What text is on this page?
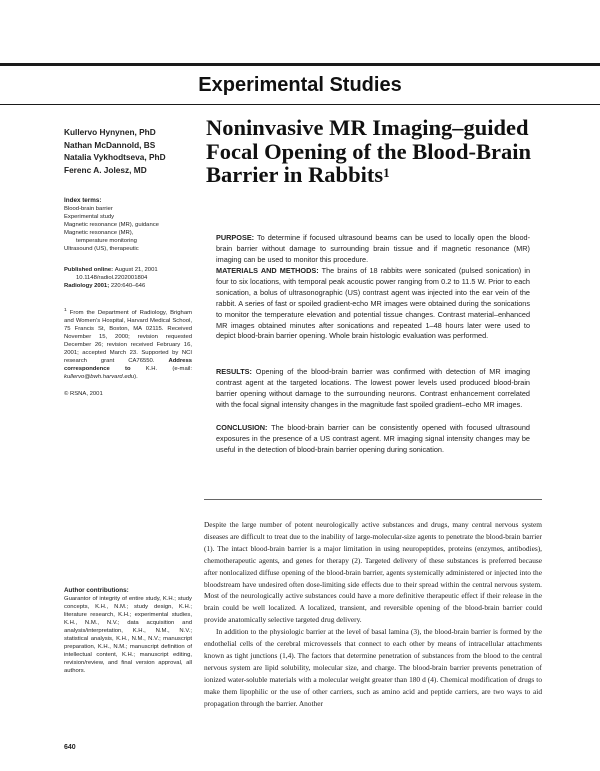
Experimental Studies
Kullervo Hynynen, PhD
Nathan McDannold, BS
Natalia Vykhodtseva, PhD
Ferenc A. Jolesz, MD
Index terms:
Blood-brain barrier
Experimental study
Magnetic resonance (MR), guidance
Magnetic resonance (MR),
temperature monitoring
Ultrasound (US), therapeutic
Published online: August 21, 2001
10.1148/radiol.2202001804
Radiology 2001; 220:640–646
$^1$ From the Department of Radiology, Brigham and Women’s Hospital, Harvard Medical School, 75 Francis St, Boston, MA 02115. Received November 15, 2000; revision requested December 26; revision received February 16, 2001; accepted March 23. Supported by NCI research grant CA76550. Address correspondence to	K.H. (e-mail: kullervo@bwh.harvard.edu).
© RSNA, 2001
Author contributions:
Guarantor of integrity of entire study, K.H.; study concepts, K.H., N.M.; study design, K.H.; literature research, K.H.; experimental studies, K.H., N.M., N.V.; data acquisition and analysis/interpretation, K.H., N.M., N.V.; statistical analysis, K.H., N.M., N.V.; manuscript preparation, K.H., N.M.; manuscript definition of intellectual content, K.H.; manuscript editing, revision/review, and final version approval, all authors.
Noninvasive MR Imaging–guided Focal Opening of the Blood-Brain Barrier in Rabbits$^1$
PURPOSE: To determine if focused ultrasound beams can be used to locally open the blood-brain barrier without damage to surrounding brain tissue and if magnetic resonance (MR) imaging can be used to monitor this procedure.
MATERIALS AND METHODS: The brains of 18 rabbits were sonicated (pulsed sonication) in four to six locations, with temporal peak acoustic power ranging from 0.2 to 11.5 W. Prior to each sonication, a bolus of ultrasonographic (US) contrast agent was injected into the ear vein of the rabbit. A series of fast or spoiled gradient-echo MR images were obtained during the sonications to monitor the temperature elevation and potential tissue changes. Contrast material–enhanced MR images obtained minutes after sonications and repeated 1–48 hours later were used to depict blood-brain barrier opening. Whole brain histologic evaluation was performed.
RESULTS: Opening of the blood-brain barrier was confirmed with detection of MR imaging contrast agent at the targeted locations. The lowest power levels used produced blood-brain barrier opening without damage to the surrounding neurons. Contrast enhancement correlated with the focal signal intensity changes in the magnitude fast spoiled gradient–echo MR images.
CONCLUSION: The blood-brain barrier can be consistently opened with focused ultrasound exposures in the presence of a US contrast agent. MR imaging signal intensity changes may be useful in the detection of blood-brain barrier opening during sonication.

Despite the large number of potent neurologically active substances and drugs, many central nervous system diseases are difficult to treat due to the inability of large-molecular-size agents to penetrate the blood-brain barrier (1). The intact blood-brain barrier is a major limitation in using neuropeptides, proteins (enzymes, antibodies), chemotherapeutic agents, and genes for therapy (2). Targeted delivery of these substances is preferred because after nonlocalized diffuse opening of the blood-brain barrier, agents systemically administered or injected into the bloodstream have undesired often dose-limiting side effects due to their spread within the central nervous system. Most of the neurologically active substances could have a more definitive therapeutic effect if their release in the brain could be well localized. A localized, transient, and reversible opening of the blood-brain barrier could provide anatomically selective targeted drug delivery.

In addition to the physiologic barrier at the level of basal lamina (3), the blood-brain barrier is formed by the endothelial cells of the cerebral microvessels that connect to each other by means of intracellular attachments known as tight junctions (1,4). The factors that determine penetration of substances from the blood to the central nervous system are lipid solubility, molecular size, and charge. The blood-brain barrier prevents penetration of ionized water-soluble materials with a molecular weight greater than 180 d (4). Chemical modification of drugs to make them lipophilic or the use of other carriers, such as amino acid and peptide carriers, are two ways to aid propagation through the barrier. Another

640
